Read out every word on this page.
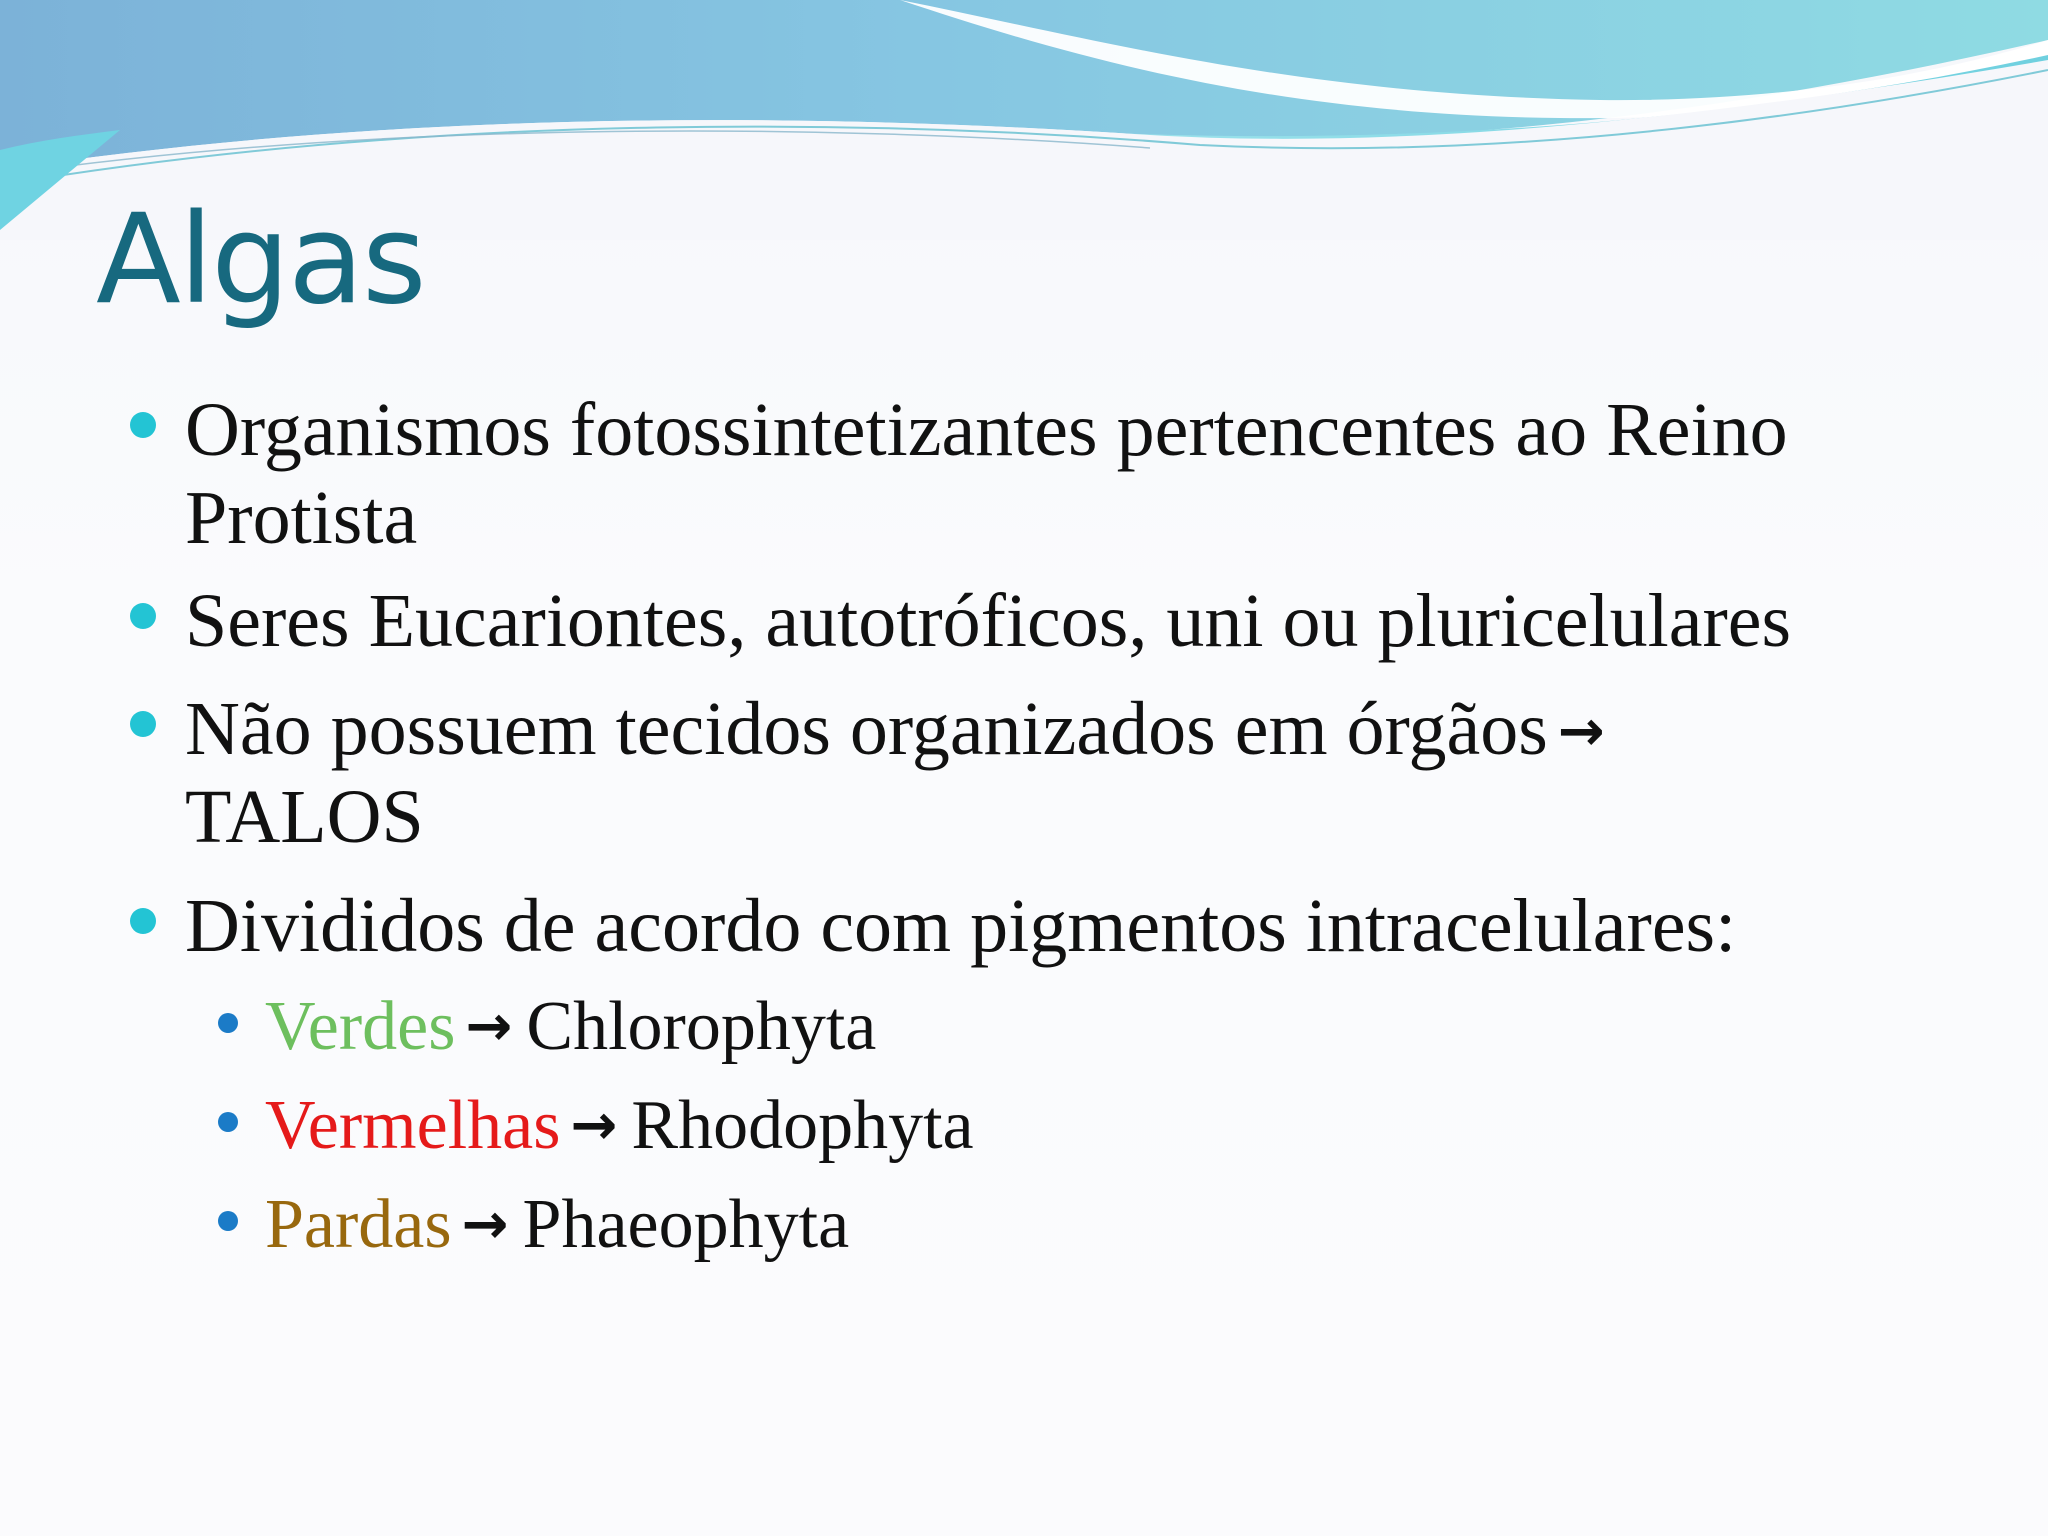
Algas
Organismos fotossintetizantes pertencentes ao Reino
Protista
Seres Eucariontes, autotróficos, uni ou pluricelulares
Não possuem tecidos organizados em órgãos →
TALOS
Divididos de acordo com pigmentos intracelulares:
Verdes → Chlorophyta
Vermelhas → Rhodophyta
Pardas → Phaeophyta
